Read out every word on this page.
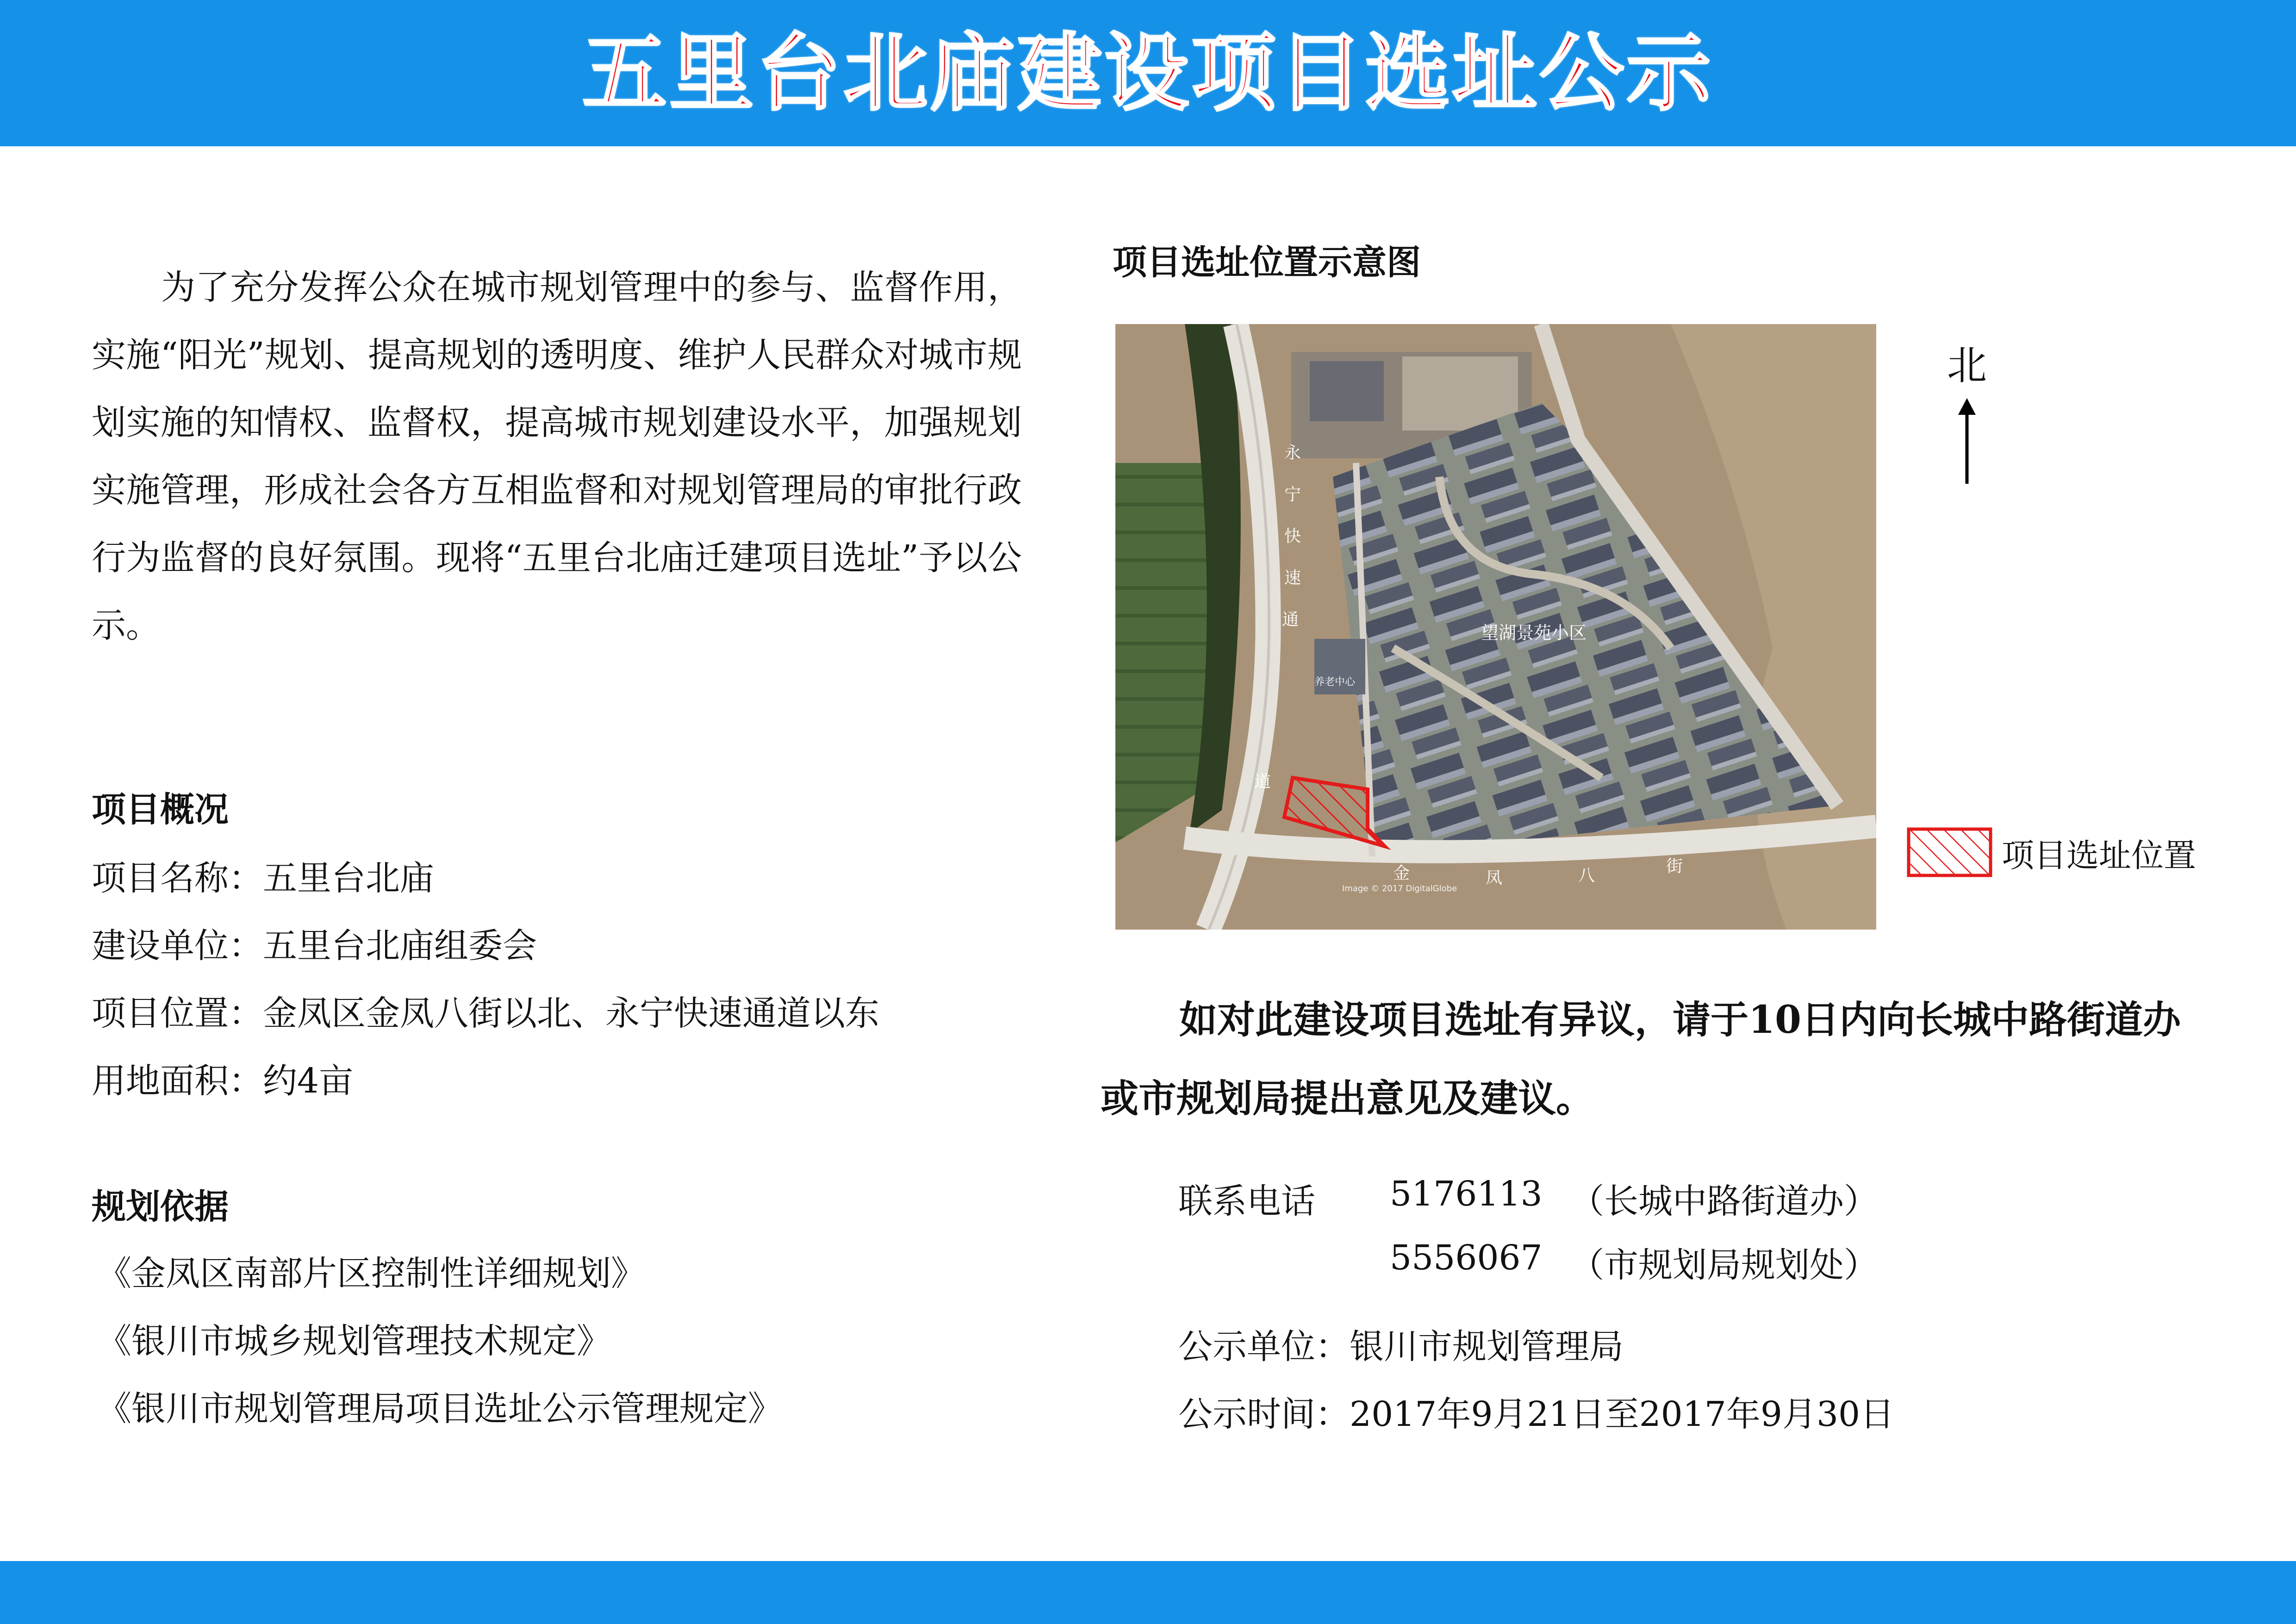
五里台北庙建设项目选址公示
为了充分发挥公众在城市规划管理中的参与、监督作用，实施“阳光”规划、提高规划的透明度、维护人民群众对城市规划实施的知情权、监督权，提高城市规划建设水平，加强规划实施管理，形成社会各方互相监督和对规划管理局的审批行政行为监督的良好氛围。现将“五里台北庙迁建项目选址”予以公示。
项目概况
项目名称：五里台北庙
建设单位：五里台北庙组委会
项目位置：金凤区金凤八街以北、永宁快速通道以东
用地面积：约4亩
规划依据
《金凤区南部片区控制性详细规划》
《银川市城乡规划管理技术规定》
《银川市规划管理局项目选址公示管理规定》
项目选址位置示意图
永
宁
快
速
通
道
金	凤	八	街
望湖景苑小区
养老中心
Image © 2017 DigitalGlobe
北
项目选址位置
如对此建设项目选址有异议，请于10日内向长城中路街道办或市规划局提出意见及建议。
联系电话 5176113 （长城中路街道办）
5556067 （市规划局规划处）
公示单位：银川市规划管理局
公示时间：2017年9月21日至2017年9月30日
